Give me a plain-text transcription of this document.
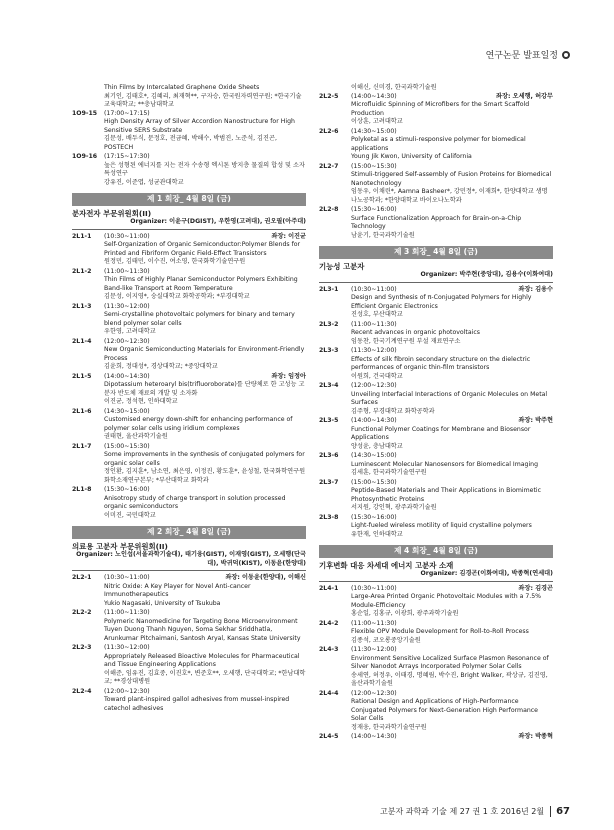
연구논문 발표일정
Thin Films by Intercalated Graphene Oxide Sheets
최기인, 김태호*, 김혜리, 최재혁**, 구자승, 한국원자력연구원; *한국기술교육대학교; **충남대학교
1O9-15	(17:00~17:15)
High Density Array of Silver Accordion Nanostructure for High Sensitive SERS Substrate
김문성, 배두식, 문정호, 전금혜, 박해수, 박범진, 노준석, 김진곤, POSTECH
1O9-16	(17:15~17:30)
높은 성형된 에너지를 지는 전자 수송형 엑시톤 방지층 물질의 합성 및 소자특성연구
강유진, 이준엽, 성균관대학교
제 1 회장_ 4월 8일 (금)
분자전자 부문위원회(II)
Organizer: 이윤구(DGIST), 우한영(고려대), 권오필(아주대)
2L1-1	(10:30~11:00)	좌장: 이진균
Self-Organization of Organic Semiconductor:Polymer Blends for Printed and Fibriform Organic Field-Effect Transistors
원정민, 김태민, 이수진, 여소영, 한국화학기술연구원
2L1-2	(11:00~11:30)
Thin Films of Highly Planar Semiconductor Polymers Exhibiting Band-like Transport at Room Temperature
김문성, 이지영*, 숭실대학교 화학공학과; *부경대학교
2L1-3	(11:30~12:00)
Semi-crystalline photovoltaic polymers for binary and ternary blend polymer solar cells
우한영, 고려대학교
2L1-4	(12:00~12:30)
New Organic Semiconducting Materials for Environment-Friendly Process
김윤희, 정대성*, 경상대학교; *중앙대학교
2L1-5	(14:00~14:30)	좌장: 임정아
Dipotassium heteroaryl bis(trifluoroborate)를 단량체로 한 고성능 고분자 반도체 재료의 개발 및 소자화
이진균, 정석현, 인하대학교
2L1-6	(14:30~15:00)
Customised energy down-shift for enhancing performance of polymer solar cells using iridium complexes
권태현, 울산과학기술원
2L1-7	(15:00~15:30)
Some improvements in the synthesis of conjugated polymers for organic solar cells
정인환, 김지훈*, 남소연, 최은영, 이정진, 황도훈*, 윤성철, 한국화학연구원 화학소재연구본부; *부산대학교 화학과
2L1-8	(15:30~16:00)
Anisotropy study of charge transport in solution processed organic semiconductors
이미진, 국민대학교
제 2 회장_ 4월 8일 (금)
의료용 고분자 부문위원회(II)
Organizer: 노인섭(서울과학기술대), 태기융(GIST), 이재영(GIST), 오세행(단국대), 박귀덕(KIST), 이동윤(한양대)
2L2-1	(10:30~11:00)	좌장: 이동윤(한양대), 이해신
Nitric Oxide: A Key Player for Novel Anti-cancer Immunotherapeutics
Yukio Nagasaki, University of Tsukuba
2L2-2	(11:00~11:30)
Polymeric Nanomedicine for Targeting Bone Microenvironment
Tuyen Duong Thanh Nguyen, Soma Sekhar Sriddhatla, Arunkumar Pitchaimani, Santosh Aryal, Kansas State University
2L2-3	(11:30~12:00)
Appropriately Released Bioactive Molecules for Pharmaceutical and Tissue Engineering Applications
이해준, 임유진, 김효중, 이진호*, 변준호**, 오세행, 단국대학교; *한남대학교; **경상대병원
2L2-4	(12:00~12:30)
Toward plant-inspired gallol adhesives from mussel-inspired catechol adhesives
이해신, 신미경, 한국과학기술원
2L2-5	(14:00~14:30)	좌장: 오세행, 허강무
Microfluidic Spinning of Microfibers for the Smart Scaffold Production
이상훈, 고려대학교
2L2-6	(14:30~15:00)
Polyketal as a stimuli-responsive polymer for biomedical applications
Young Jik Kwon, University of California
2L2-7	(15:00~15:30)
Stimuli-triggered Self-assembly of Fusion Proteins for Biomedical Nanotechnology
임동우, 이채린*, Aamna Basheer*, 강민정*, 이재희*, 한양대학교 생명나노공학과; *한양대학교 바이오나노학과
2L2-8	(15:30~16:00)
Surface Functionalization Approach for Brain-on-a-Chip Technology
남윤기, 한국과학기술원
제 3 회장_ 4월 8일 (금)
기능성 고분자
Organizer: 박주현(중앙대), 김용수(이화여대)
2L3-1	(10:30~11:00)	좌장: 김용수
Design and Synthesis of π-Conjugated Polymers for Highly Efficient Organic Electronics
진성호, 부산대학교
2L3-2	(11:00~11:30)
Recent advances in organic photovoltaics
임동찬, 한국기계연구원 부설 재료연구소
2L3-3	(11:30~12:00)
Effects of silk fibroin secondary structure on the dielectric performances of organic thin-film transistors
이원희, 건국대학교
2L3-4	(12:00~12:30)
Unveiling Interfacial Interactions of Organic Molecules on Metal Surfaces
김주형, 부경대학교 화학공학과
2L3-5	(14:00~14:30)	좌장: 박주현
Functional Polymer Coatings for Membrane and Biosensor Applications
양성윤, 충남대학교
2L3-6	(14:30~15:00)
Luminescent Molecular Nanosensors for Biomedical Imaging
김세훈, 한국과학기술연구원
2L3-7	(15:00~15:30)
Peptide-Based Materials and Their Applications in Biomimetic Photosynthetic Proteins
서지원, 강인혁, 광주과학기술원
2L3-8	(15:30~16:00)
Light-fueled wireless motility of liquid crystalline polymers
유한재, 인하대학교
제 4 회장_ 4월 8일 (금)
기후변화 대응 차세대 에너지 고분자 소재
Organizer: 김경곤(이화여대), 박종혁(연세대)
2L4-1	(10:30~11:00)	좌장: 김경곤
Large-Area Printed Organic Photovoltaic Modules with a 7.5% Module-Efficiency
홍순일, 김홍규, 이광희, 광주과학기술원
2L4-2	(11:00~11:30)
Flexible OPV Module Development for Roll-to-Roll Process
김종석, 코오롱중앙기술원
2L4-3	(11:30~12:00)
Environment Sensitive Localized Surface Plasmon Resonance of Silver Nanodot Arrays Incorporated Polymer Solar Cells
송세연, 허정우, 이태경, 명혜림, 박수진, Bright Walker, 곽상규, 김진영, 울산과학기술원
2L4-4	(12:00~12:30)
Rational Design and Applications of High-Performance Conjugated Polymers for Next-Generation High Performance Solar Cells
정재웅, 한국과학기술연구원
2L4-5	(14:00~14:30)	좌장: 박종혁
고분자 과학과 기술 제 27 권 1 호 2016년 2월	67
